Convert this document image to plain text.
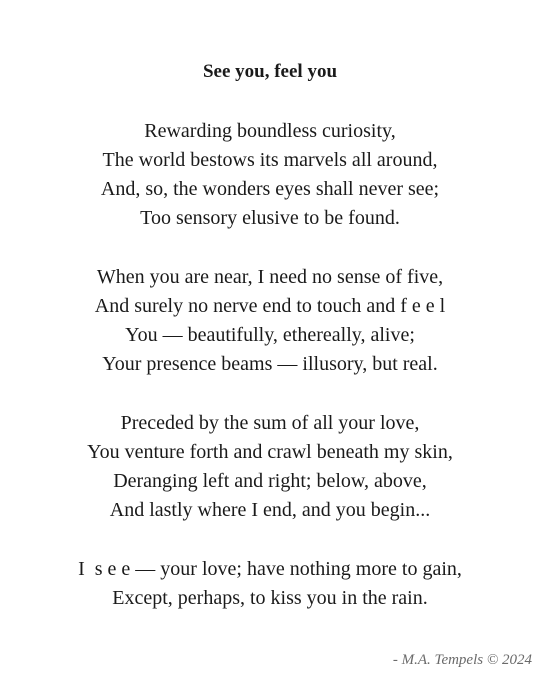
See you, feel you
Rewarding boundless curiosity,
The world bestows its marvels all around,
And, so, the wonders eyes shall never see;
Too sensory elusive to be found.
When you are near, I need no sense of five,
And surely no nerve end to touch and f e e l
You — beautifully, ethereally, alive;
Your presence beams — illusory, but real.
Preceded by the sum of all your love,
You venture forth and crawl beneath my skin,
Deranging left and right; below, above,
And lastly where I end, and you begin...
I  s e e — your love; have nothing more to gain,
Except, perhaps, to kiss you in the rain.
- M.A. Tempels © 2024
